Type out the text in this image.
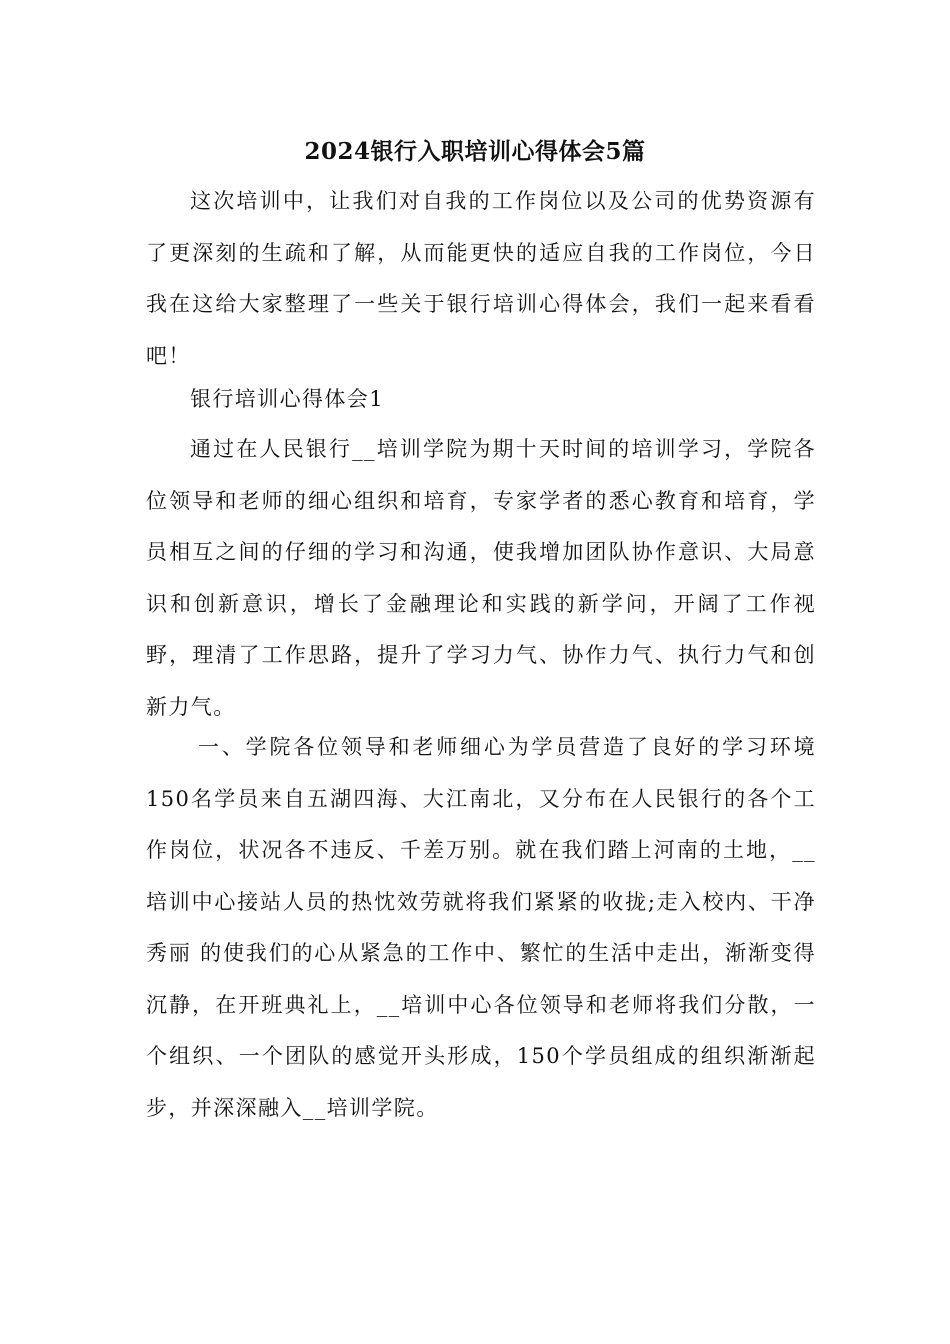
2024银行入职培训心得体会5篇

这次培训中，让我们对自我的工作岗位以及公司的优势资源有了更深刻的生疏和了解，从而能更快的适应自我的工作岗位，今日我在这给大家整理了一些关于银行培训心得体会，我们一起来看看吧！

银行培训心得体会1

通过在人民银行__培训学院为期十天时间的培训学习，学院各位领导和老师的细心组织和培育，专家学者的悉心教育和培育，学员相互之间的仔细的学习和沟通，使我增加团队协作意识、大局意识和创新意识，增长了金融理论和实践的新学问，开阔了工作视野，理清了工作思路，提升了学习力气、协作力气、执行力气和创新力气。

一、学院各位领导和老师细心为学员营造了良好的学习环境150名学员来自五湖四海、大江南北，又分布在人民银行的各个工作岗位，状况各不违反、千差万别。就在我们踏上河南的土地，__培训中心接站人员的热忱效劳就将我们紧紧的收拢;走入校内、干净秀丽 的使我们的心从紧急的工作中、繁忙的生活中走出，渐渐变得沉静，在开班典礼上，__培训中心各位领导和老师将我们分散，一个组织、一个团队的感觉开头形成，150个学员组成的组织渐渐起步，并深深融入__培训学院。
